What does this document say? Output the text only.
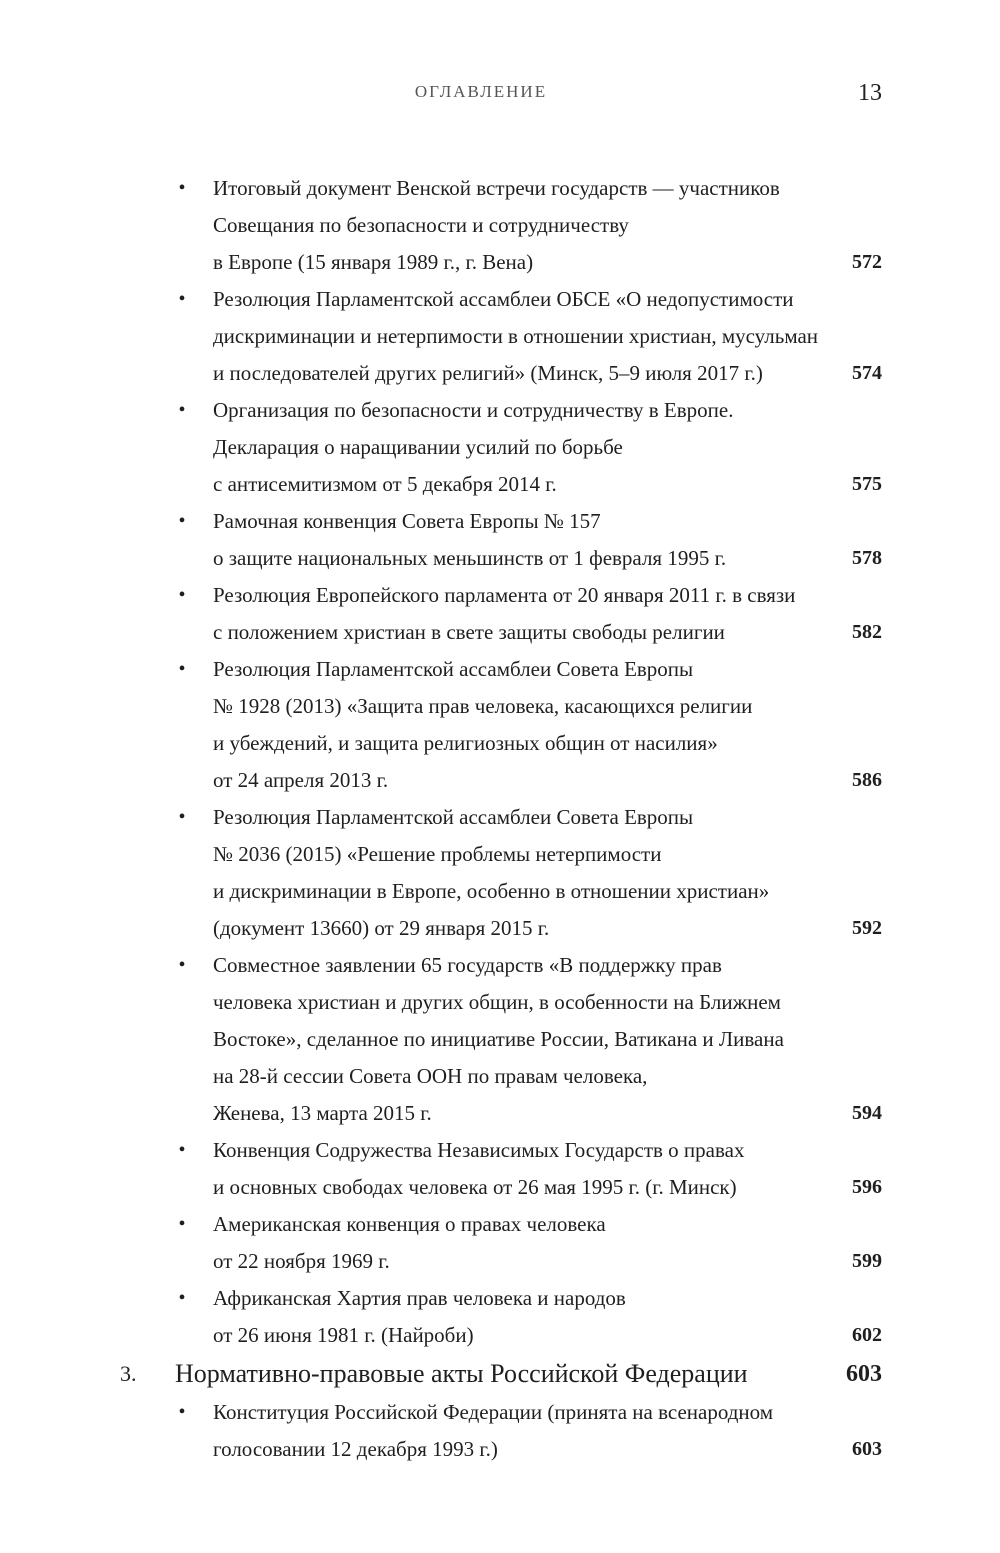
ОГЛАВЛЕНИЕ	13
• Итоговый документ Венской встречи государств — участников
Совещания по безопасности и сотрудничеству
в Европе (15 января 1989 г., г. Вена)	572
• Резолюция Парламентской ассамблеи ОБСЕ «О недопустимости
дискриминации и нетерпимости в отношении христиан, мусульман
и последователей других религий» (Минск, 5–9 июля 2017 г.)	574
• Организация по безопасности и сотрудничеству в Европе.
Декларация о наращивании усилий по борьбе
с антисемитизмом от 5 декабря 2014 г.	575
• Рамочная конвенция Совета Европы № 157
о защите национальных меньшинств от 1 февраля 1995 г.	578
• Резолюция Европейского парламента от 20 января 2011 г. в связи
с положением христиан в свете защиты свободы религии	582
• Резолюция Парламентской ассамблеи Совета Европы
№ 1928 (2013) «Защита прав человека, касающихся религии
и убеждений, и защита религиозных общин от насилия»
от 24 апреля 2013 г.	586
• Резолюция Парламентской ассамблеи Совета Европы
№ 2036 (2015) «Решение проблемы нетерпимости
и дискриминации в Европе, особенно в отношении христиан»
(документ 13660) от 29 января 2015 г.	592
• Совместное заявлении 65 государств «В поддержку прав
человека христиан и других общин, в особенности на Ближнем
Востоке», сделанное по инициативе России, Ватикана и Ливана
на 28-й сессии Совета ООН по правам человека,
Женева, 13 марта 2015 г.	594
• Конвенция Содружества Независимых Государств о правах
и основных свободах человека от 26 мая 1995 г. (г. Минск)	596
• Американская конвенция о правах человека
от 22 ноября 1969 г.	599
• Африканская Хартия прав человека и народов
от 26 июня 1981 г. (Найроби)	602
3. Нормативно-правовые акты Российской Федерации	603
• Конституция Российской Федерации (принята на всенародном
голосовании 12 декабря 1993 г.)	603
